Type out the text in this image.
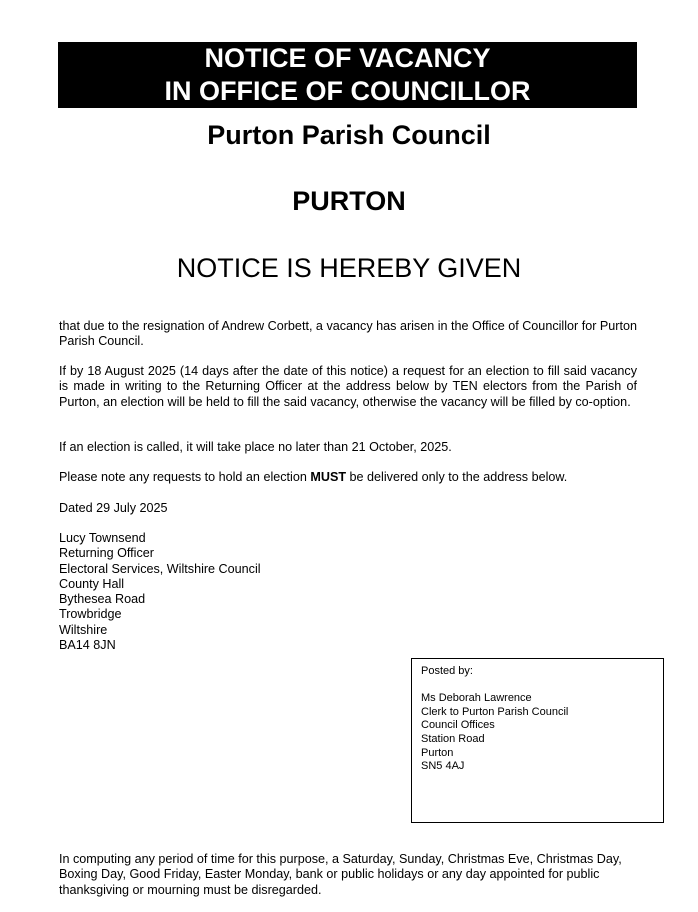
NOTICE OF VACANCY
IN OFFICE OF COUNCILLOR
Purton Parish Council
PURTON
NOTICE IS HEREBY GIVEN
that due to the resignation of Andrew Corbett, a vacancy has arisen in the Office of Councillor for Purton Parish Council.
If by 18 August 2025 (14 days after the date of this notice) a request for an election to fill said vacancy is made in writing to the Returning Officer at the address below by TEN electors from the Parish of Purton, an election will be held to fill the said vacancy, otherwise the vacancy will be filled by co-option.
If an election is called, it will take place no later than 21 October, 2025.
Please note any requests to hold an election MUST be delivered only to the address below.
Dated 29 July 2025
Lucy Townsend
Returning Officer
Electoral Services, Wiltshire Council
County Hall
Bythesea Road
Trowbridge
Wiltshire
BA14 8JN
Posted by:
Ms Deborah Lawrence
Clerk to Purton Parish Council
Council Offices
Station Road
Purton
SN5 4AJ
In computing any period of time for this purpose, a Saturday, Sunday, Christmas Eve, Christmas Day, Boxing Day, Good Friday, Easter Monday, bank or public holidays or any day appointed for public thanksgiving or mourning must be disregarded.
